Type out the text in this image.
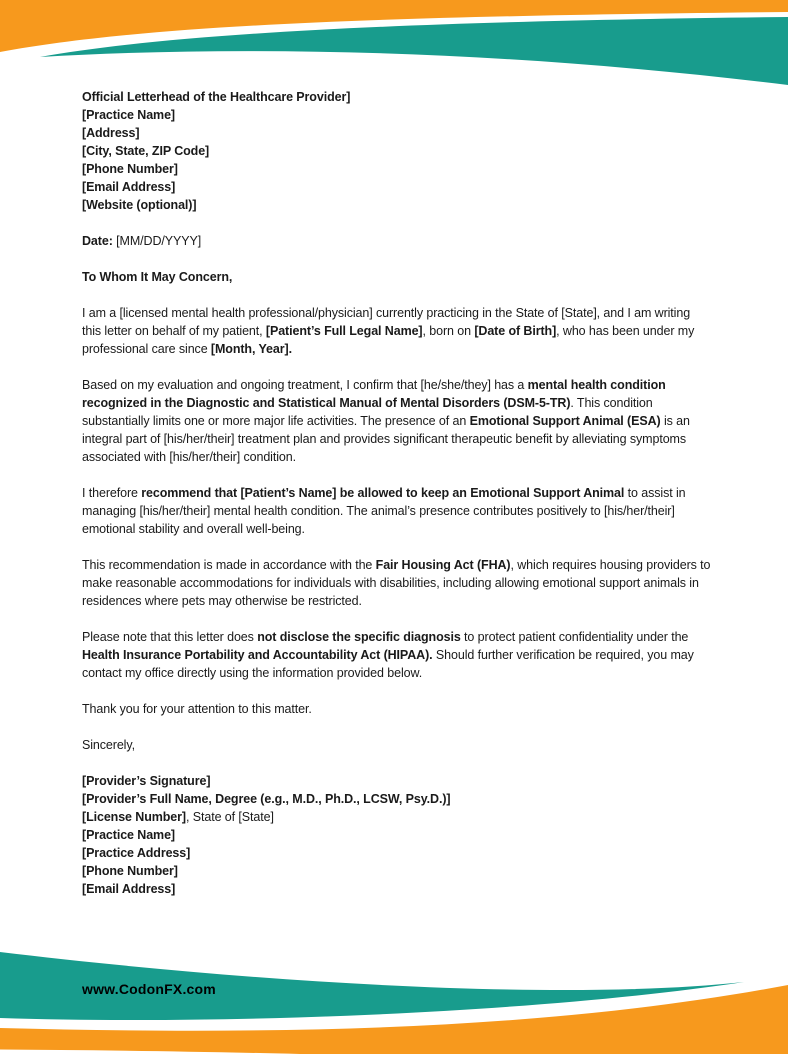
Official Letterhead of the Healthcare Provider]
[Practice Name]
[Address]
[City, State, ZIP Code]
[Phone Number]
[Email Address]
[Website (optional)]

Date: [MM/DD/YYYY]

To Whom It May Concern,

I am a [licensed mental health professional/physician] currently practicing in the State of [State], and I am writing this letter on behalf of my patient, [Patient’s Full Legal Name], born on [Date of Birth], who has been under my professional care since [Month, Year].

Based on my evaluation and ongoing treatment, I confirm that [he/she/they] has a mental health condition recognized in the Diagnostic and Statistical Manual of Mental Disorders (DSM-5-TR). This condition substantially limits one or more major life activities. The presence of an Emotional Support Animal (ESA) is an integral part of [his/her/their] treatment plan and provides significant therapeutic benefit by alleviating symptoms associated with [his/her/their] condition.

I therefore recommend that [Patient’s Name] be allowed to keep an Emotional Support Animal to assist in managing [his/her/their] mental health condition. The animal’s presence contributes positively to [his/her/their] emotional stability and overall well-being.

This recommendation is made in accordance with the Fair Housing Act (FHA), which requires housing providers to make reasonable accommodations for individuals with disabilities, including allowing emotional support animals in residences where pets may otherwise be restricted.

Please note that this letter does not disclose the specific diagnosis to protect patient confidentiality under the Health Insurance Portability and Accountability Act (HIPAA). Should further verification be required, you may contact my office directly using the information provided below.

Thank you for your attention to this matter.

Sincerely,

[Provider’s Signature]
[Provider’s Full Name, Degree (e.g., M.D., Ph.D., LCSW, Psy.D.)]
[License Number], State of [State]
[Practice Name]
[Practice Address]
[Phone Number]
[Email Address]
www.CodonFX.com
